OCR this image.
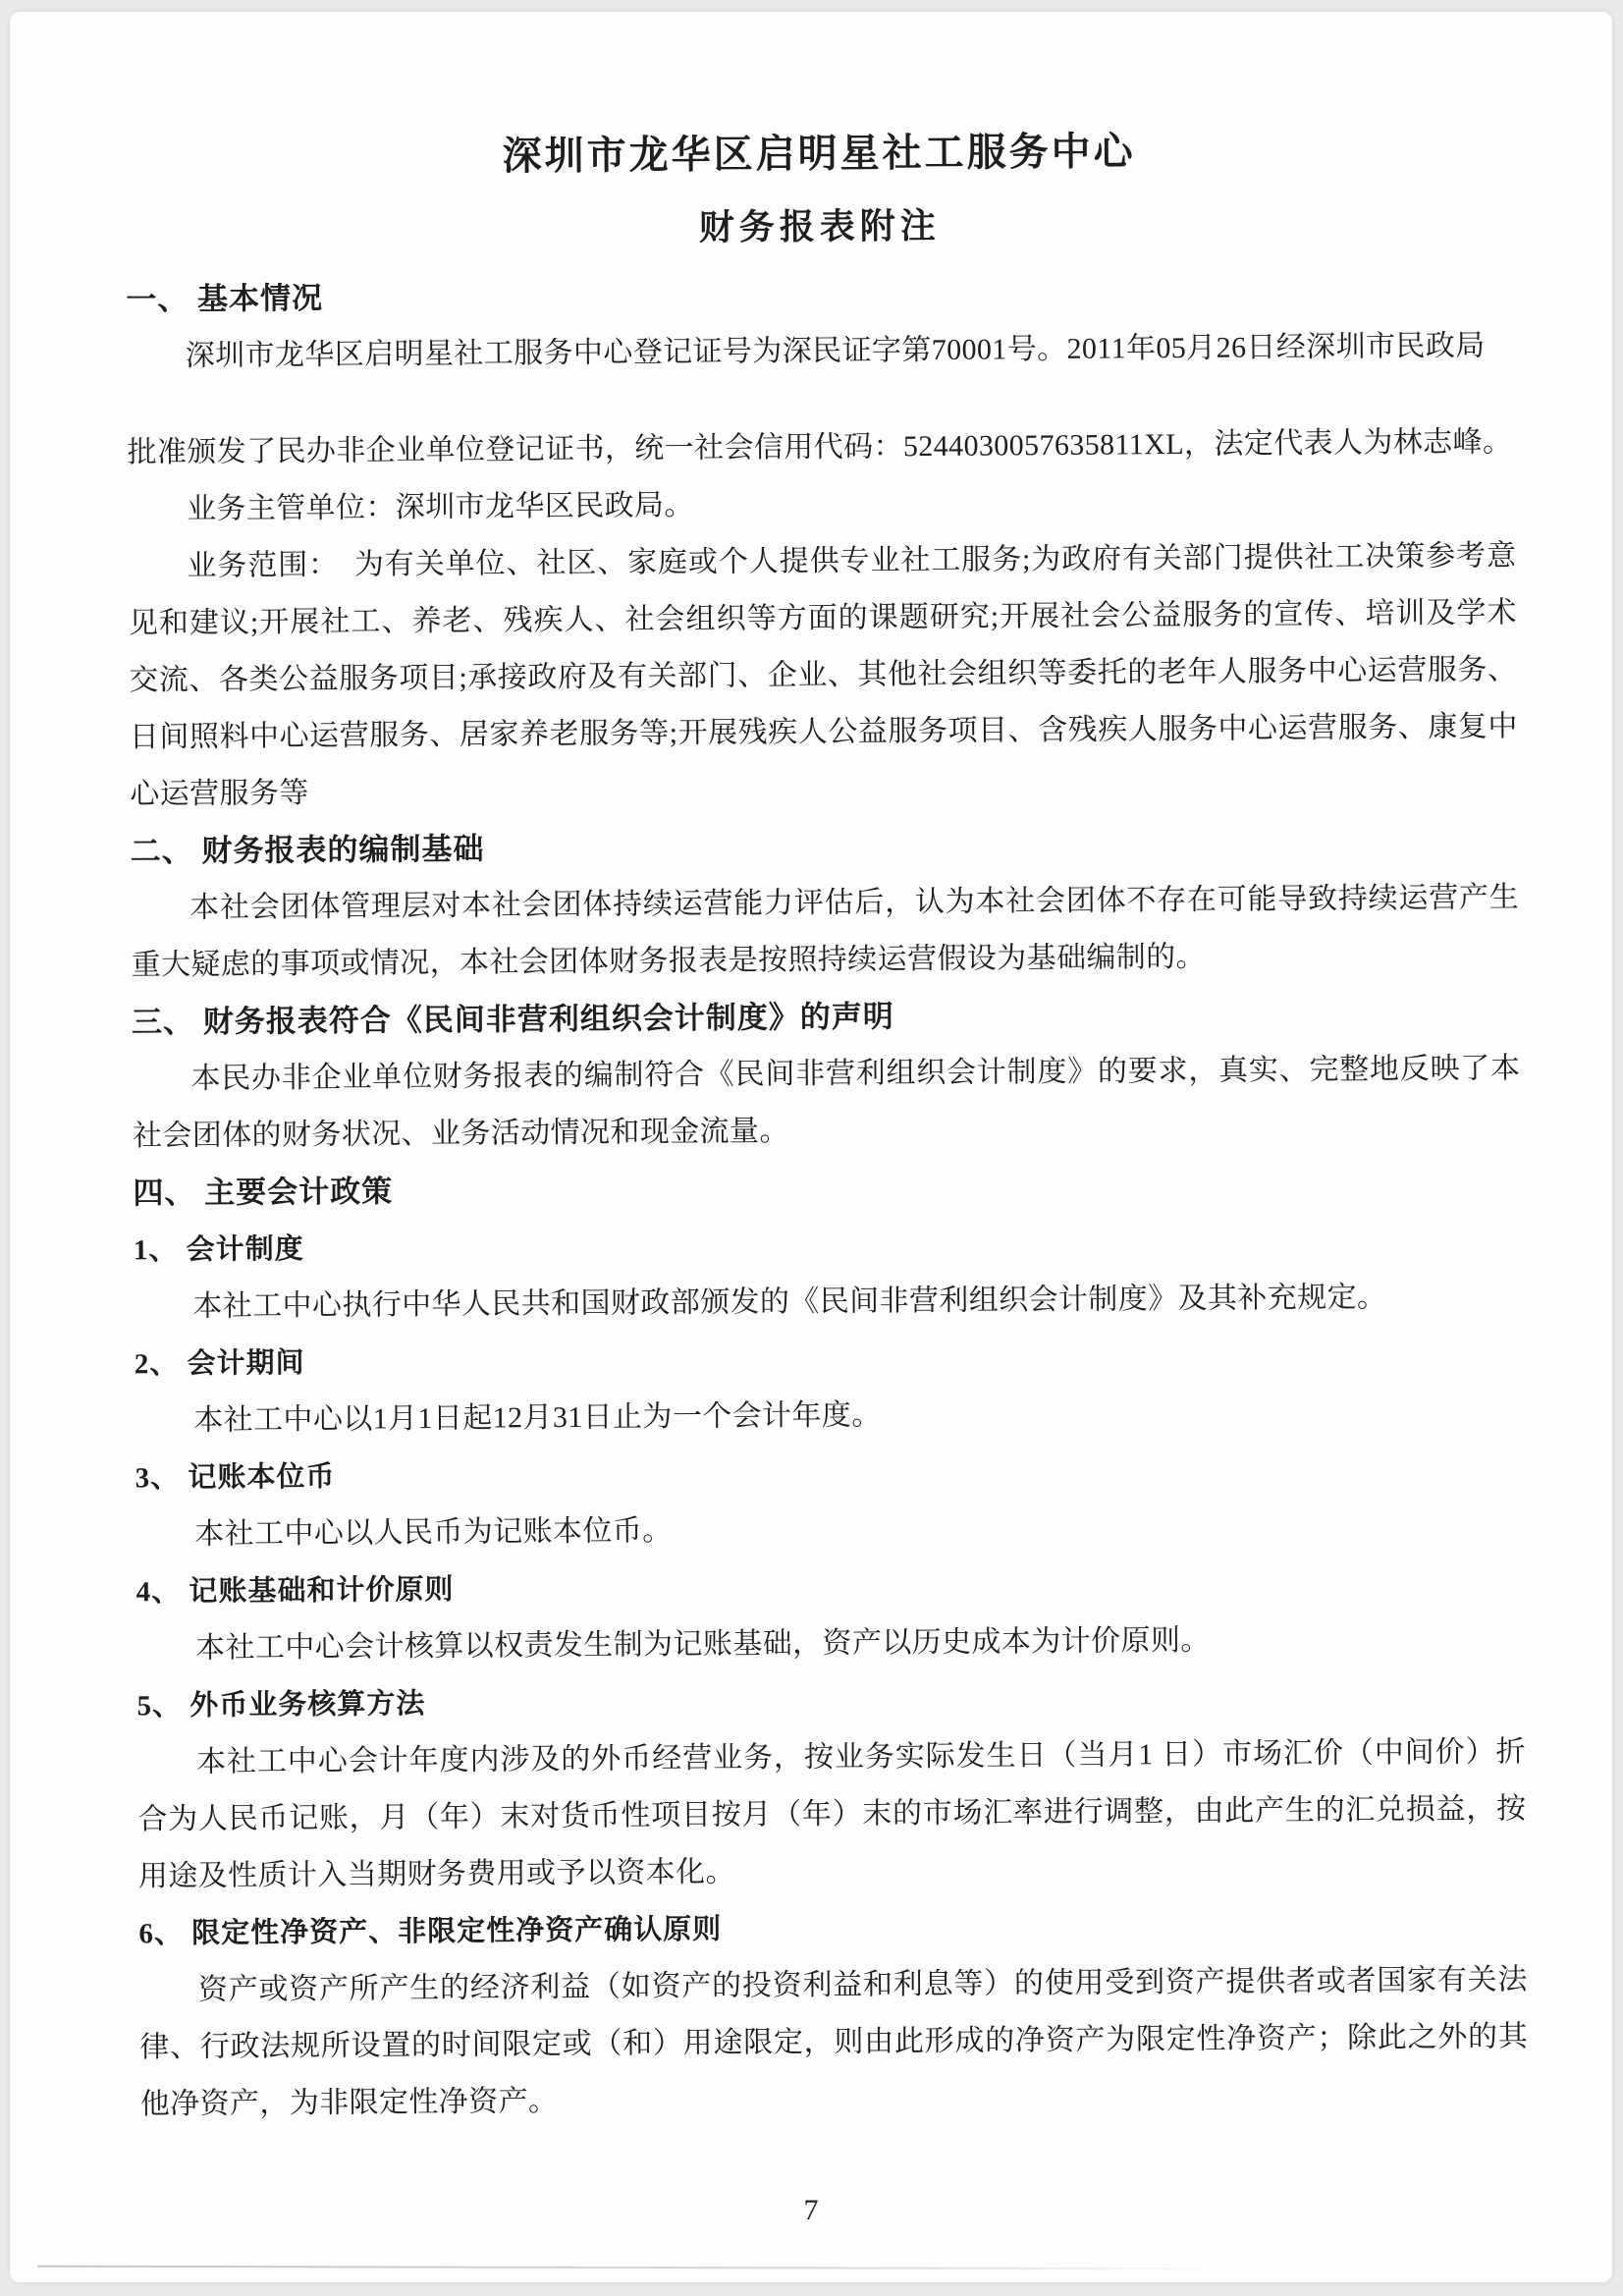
深圳市龙华区启明星社工服务中心
财务报表附注
一、 基本情况

深圳市龙华区启明星社工服务中心登记证号为深民证字第70001号。2011年05月26日经深圳市民政局

批准颁发了民办非企业单位登记证书，统一社会信用代码：5244030057635811XL，法定代表人为林志峰。

业务主管单位：深圳市龙华区民政局。

业务范围：　为有关单位、社区、家庭或个人提供专业社工服务;为政府有关部门提供社工决策参考意见和建议;开展社工、养老、残疾人、社会组织等方面的课题研究;开展社会公益服务的宣传、培训及学术交流、各类公益服务项目;承接政府及有关部门、企业、其他社会组织等委托的老年人服务中心运营服务、日间照料中心运营服务、居家养老服务等;开展残疾人公益服务项目、含残疾人服务中心运营服务、康复中心运营服务等

二、 财务报表的编制基础

本社会团体管理层对本社会团体持续运营能力评估后，认为本社会团体不存在可能导致持续运营产生重大疑虑的事项或情况，本社会团体财务报表是按照持续运营假设为基础编制的。

三、 财务报表符合《民间非营利组织会计制度》的声明

本民办非企业单位财务报表的编制符合《民间非营利组织会计制度》的要求，真实、完整地反映了本社会团体的财务状况、业务活动情况和现金流量。

四、 主要会计政策
1、 会计制度

本社工中心执行中华人民共和国财政部颁发的《民间非营利组织会计制度》及其补充规定。

2、 会计期间

本社工中心以1月1日起12月31日止为一个会计年度。

3、 记账本位币

本社工中心以人民币为记账本位币。

4、 记账基础和计价原则

本社工中心会计核算以权责发生制为记账基础，资产以历史成本为计价原则。

5、 外币业务核算方法

本社工中心会计年度内涉及的外币经营业务，按业务实际发生日（当月1 日）市场汇价（中间价）折合为人民币记账，月（年）末对货币性项目按月（年）末的市场汇率进行调整，由此产生的汇兑损益，按用途及性质计入当期财务费用或予以资本化。

6、 限定性净资产、非限定性净资产确认原则

资产或资产所产生的经济利益（如资产的投资利益和利息等）的使用受到资产提供者或者国家有关法律、行政法规所设置的时间限定或（和）用途限定，则由此形成的净资产为限定性净资产；除此之外的其他净资产，为非限定性净资产。

7
